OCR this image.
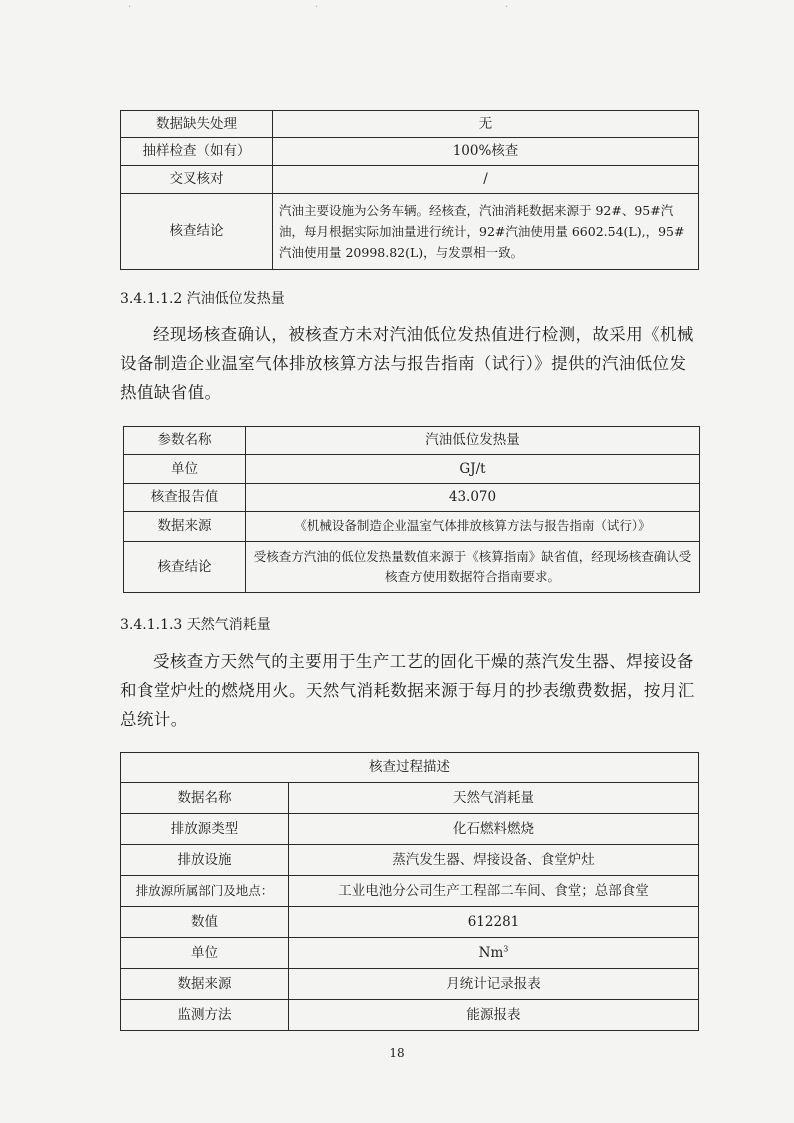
·	·	·
数据缺失处理	无
抽样检查（如有）	100%核查
交叉核对	/
核查结论	汽油主要设施为公务车辆。经核查，汽油消耗数据来源于 92#、95#汽油，每月根据实际加油量进行统计，92#汽油使用量 6602.54(L),，95#汽油使用量 20998.82(L)，与发票相一致。
3.4.1.1.2 汽油低位发热量
经现场核查确认，被核查方未对汽油低位发热值进行检测，故采用《机械设备制造企业温室气体排放核算方法与报告指南（试行）》提供的汽油低位发热值缺省值。
参数名称	汽油低位发热量
单位	GJ/t
核查报告值	43.070
数据来源	《机械设备制造企业温室气体排放核算方法与报告指南（试行）》
核查结论	受核查方汽油的低位发热量数值来源于《核算指南》缺省值，经现场核查确认受核查方使用数据符合指南要求。
3.4.1.1.3 天然气消耗量
受核查方天然气的主要用于生产工艺的固化干燥的蒸汽发生器、焊接设备和食堂炉灶的燃烧用火。天然气消耗数据来源于每月的抄表缴费数据，按月汇总统计。
核查过程描述	
数据名称	天然气消耗量
排放源类型	化石燃料燃烧
排放设施	蒸汽发生器、焊接设备、食堂炉灶
排放源所属部门及地点：	工业电池分公司生产工程部二车间、食堂；总部食堂
数值	612281
单位	Nm$^3$
数据来源	月统计记录报表
监测方法	能源报表
18
